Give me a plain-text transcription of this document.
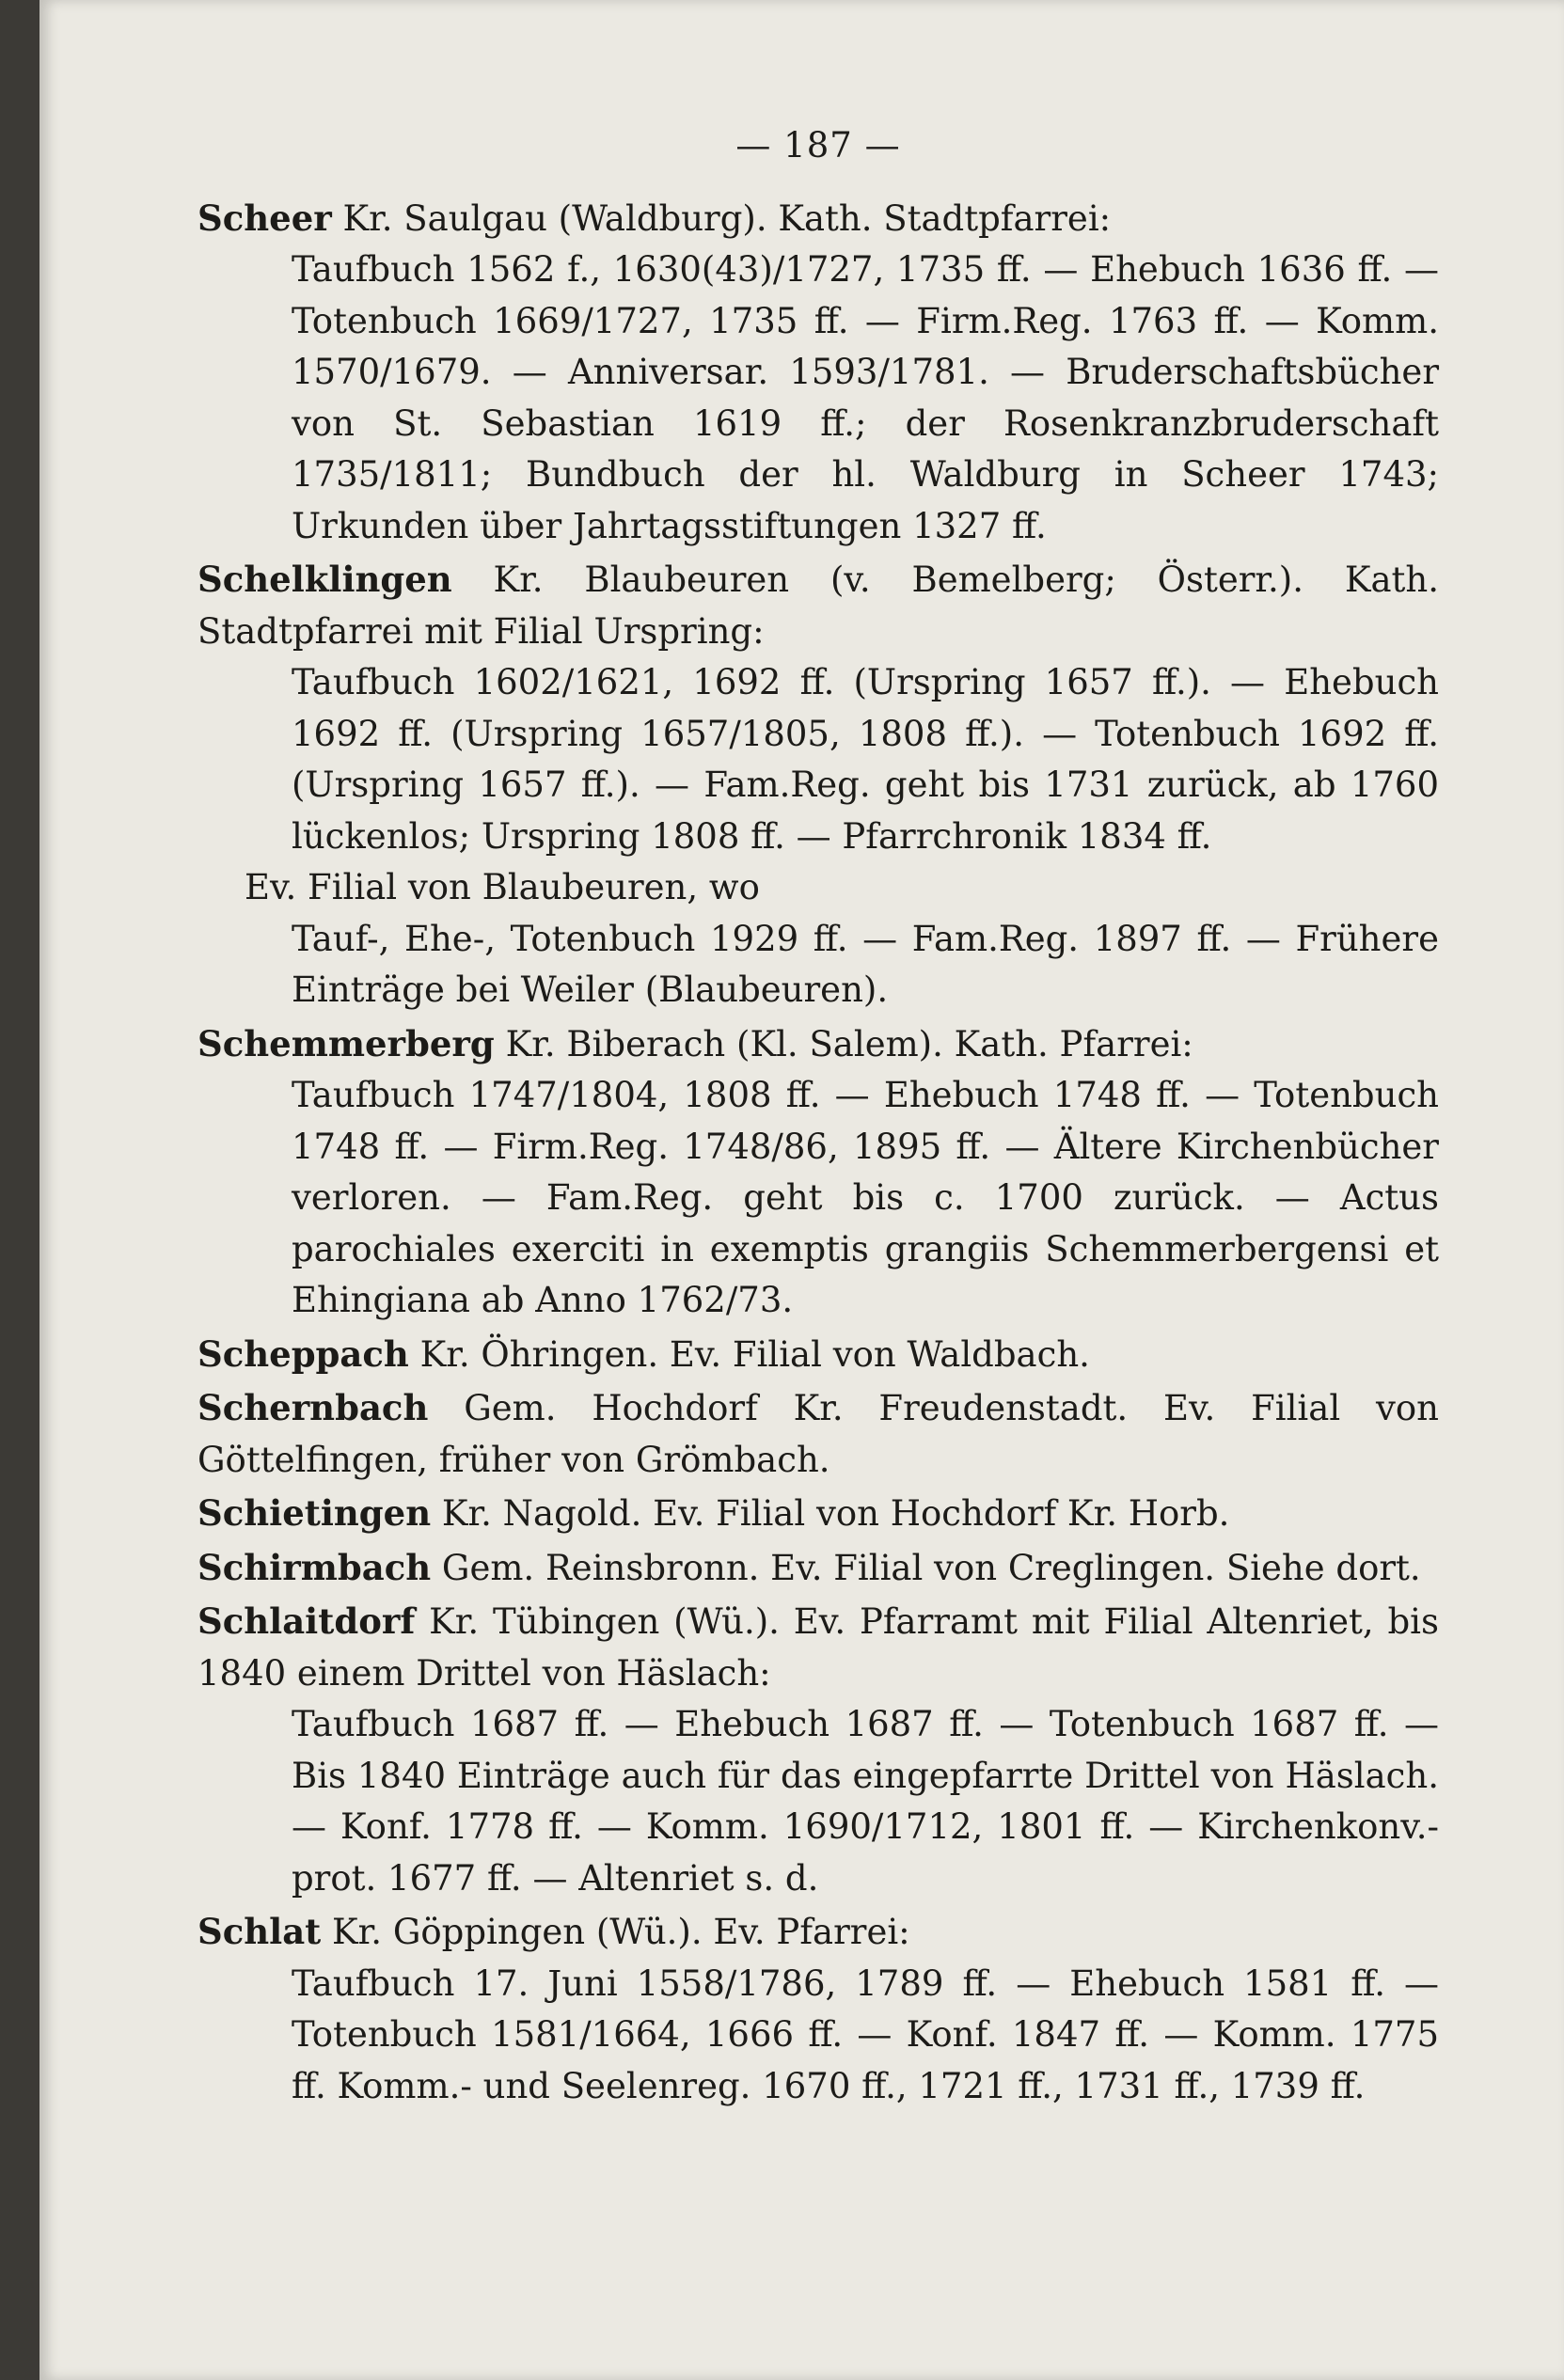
— 187 —
Scheer Kr. Saulgau (Waldburg). Kath. Stadtpfarrei:
Taufbuch 1562 f., 1630(43)/1727, 1735 ff. — Ehebuch 1636 ff. — Totenbuch 1669/1727, 1735 ff. — Firm.Reg. 1763 ff. — Komm. 1570/1679. — Anniversar. 1593/1781. — Bruderschaftsbücher von St. Sebastian 1619 ff.; der Rosenkranzbruderschaft 1735/1811; Bundbuch der hl. Waldburg in Scheer 1743; Urkunden über Jahrtagsstiftungen 1327 ff.
Schelklingen Kr. Blaubeuren (v. Bemelberg; Österr.). Kath. Stadtpfarrei mit Filial Urspring:
Taufbuch 1602/1621, 1692 ff. (Urspring 1657 ff.). — Ehebuch 1692 ff. (Urspring 1657/1805, 1808 ff.). — Totenbuch 1692 ff. (Urspring 1657 ff.). — Fam.Reg. geht bis 1731 zurück, ab 1760 lückenlos; Urspring 1808 ff. — Pfarrchronik 1834 ff.
Ev. Filial von Blaubeuren, wo
Tauf-, Ehe-, Totenbuch 1929 ff. — Fam.Reg. 1897 ff. — Frühere Einträge bei Weiler (Blaubeuren).
Schemmerberg Kr. Biberach (Kl. Salem). Kath. Pfarrei:
Taufbuch 1747/1804, 1808 ff. — Ehebuch 1748 ff. — Totenbuch 1748 ff. — Firm.Reg. 1748/86, 1895 ff. — Ältere Kirchenbücher verloren. — Fam.Reg. geht bis c. 1700 zurück. — Actus parochiales exerciti in exemptis grangiis Schemmerbergensi et Ehingiana ab Anno 1762/73.
Scheppach Kr. Öhringen. Ev. Filial von Waldbach.
Schernbach Gem. Hochdorf Kr. Freudenstadt. Ev. Filial von Göttelfingen, früher von Grömbach.
Schietingen Kr. Nagold. Ev. Filial von Hochdorf Kr. Horb.
Schirmbach Gem. Reinsbronn. Ev. Filial von Creglingen. Siehe dort.
Schlaitdorf Kr. Tübingen (Wü.). Ev. Pfarramt mit Filial Altenriet, bis 1840 einem Drittel von Häslach:
Taufbuch 1687 ff. — Ehebuch 1687 ff. — Totenbuch 1687 ff. — Bis 1840 Einträge auch für das eingepfarrte Drittel von Häslach. — Konf. 1778 ff. — Komm. 1690/1712, 1801 ff. — Kirchenkonv.-prot. 1677 ff. — Altenriet s. d.
Schlat Kr. Göppingen (Wü.). Ev. Pfarrei:
Taufbuch 17. Juni 1558/1786, 1789 ff. — Ehebuch 1581 ff. — Totenbuch 1581/1664, 1666 ff. — Konf. 1847 ff. — Komm. 1775 ff. Komm.- und Seelenreg. 1670 ff., 1721 ff., 1731 ff., 1739 ff.
